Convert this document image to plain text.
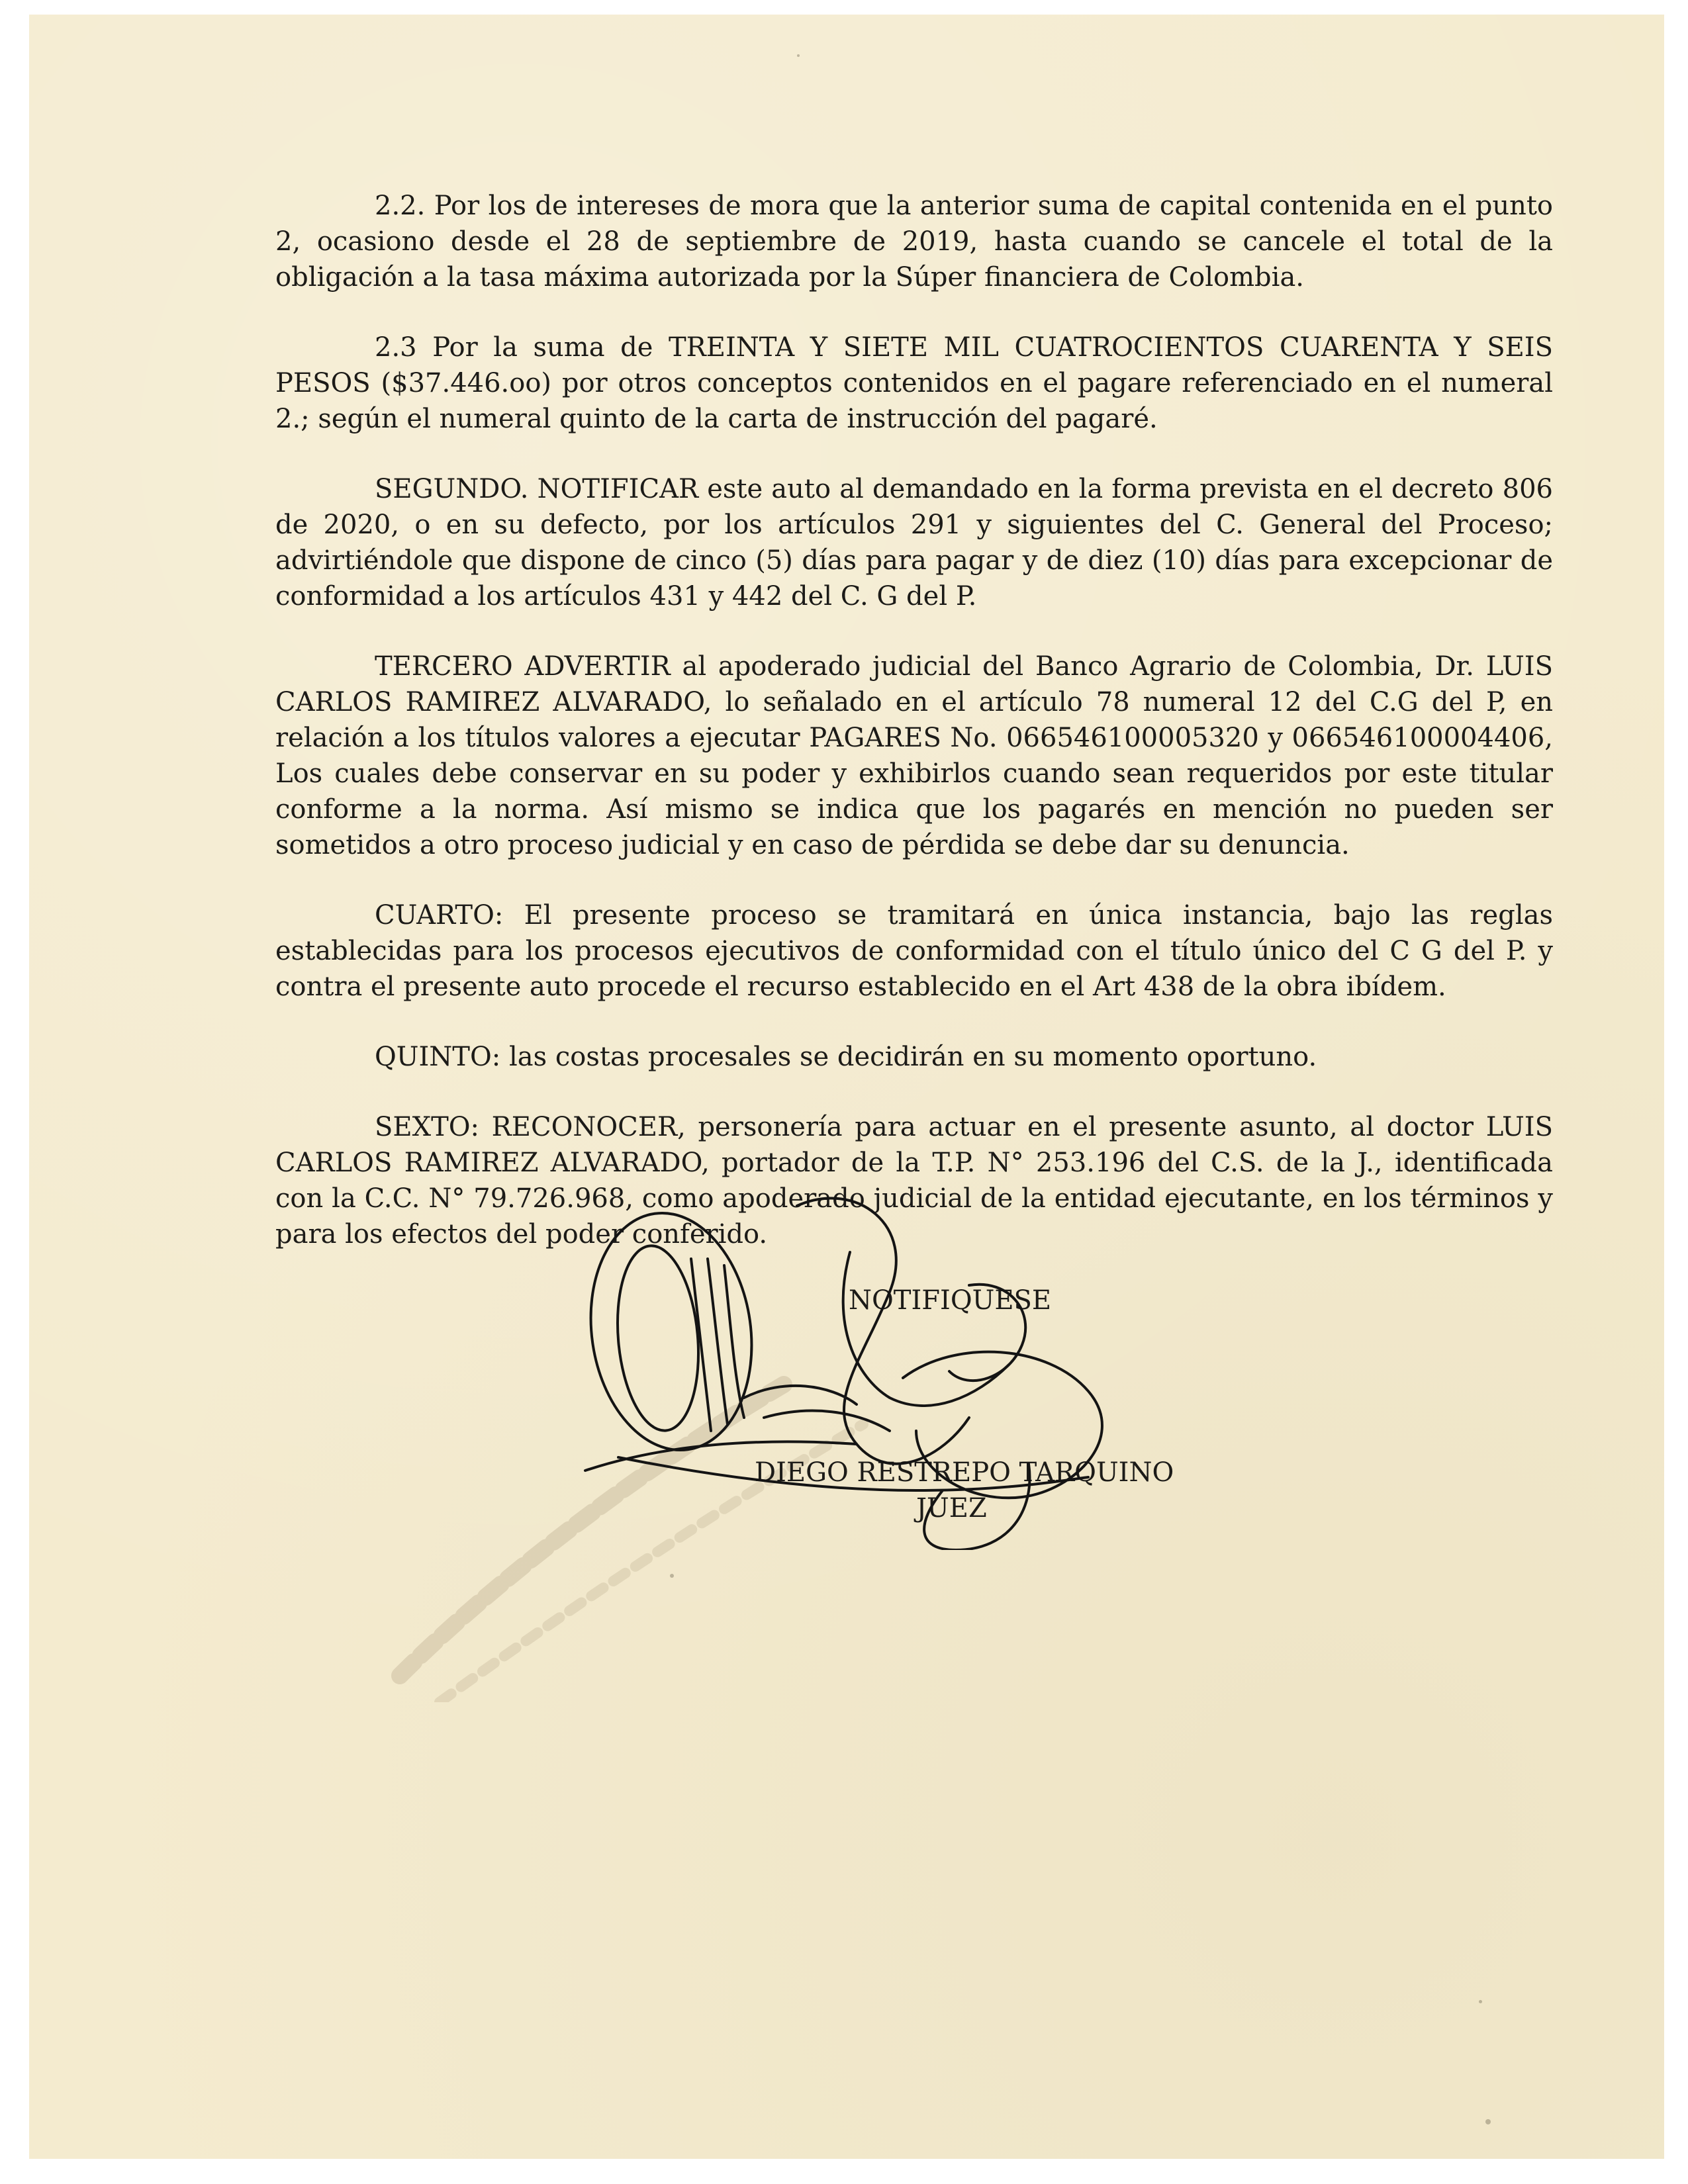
2.2. Por los de intereses de mora que la anterior suma de capital contenida en el punto 2, ocasiono desde el 28 de septiembre de 2019, hasta cuando se cancele el total de la obligación a la tasa máxima autorizada por la Súper financiera de Colombia.

2.3 Por la suma de TREINTA Y SIETE MIL CUATROCIENTOS CUARENTA Y SEIS PESOS ($37.446.oo) por otros conceptos contenidos en el pagare referenciado en el numeral 2.; según el numeral quinto de la carta de instrucción del pagaré.

SEGUNDO. NOTIFICAR este auto al demandado en la forma prevista en el decreto 806 de 2020, o en su defecto, por los artículos 291 y siguientes del C. General del Proceso; advirtiéndole que dispone de cinco (5) días para pagar y de diez (10) días para excepcionar de conformidad a los artículos 431 y 442 del C. G del P.

TERCERO ADVERTIR al apoderado judicial del Banco Agrario de Colombia, Dr. LUIS CARLOS RAMIREZ ALVARADO, lo señalado en el artículo 78 numeral 12 del C.G del P, en relación a los títulos valores a ejecutar PAGARES No. 066546100005320 y 066546100004406, Los cuales debe conservar en su poder y exhibirlos cuando sean requeridos por este titular conforme a la norma. Así mismo se indica que los pagarés en mención no pueden ser sometidos a otro proceso judicial y en caso de pérdida se debe dar su denuncia.

CUARTO: El presente proceso se tramitará en única instancia, bajo las reglas establecidas para los procesos ejecutivos de conformidad con el título único del C G del P. y contra el presente auto procede el recurso establecido en el Art 438 de la obra ibídem.

QUINTO: las costas procesales se decidirán en su momento oportuno.

SEXTO: RECONOCER, personería para actuar en el presente asunto, al doctor LUIS CARLOS RAMIREZ ALVARADO, portador de la T.P. N° 253.196 del C.S. de la J., identificada con la C.C. N° 79.726.968, como apoderado judicial de la entidad ejecutante, en los términos y para los efectos del poder conferido.

NOTIFIQUESE
DIEGO RESTREPO TARQUINO
JUEZ
